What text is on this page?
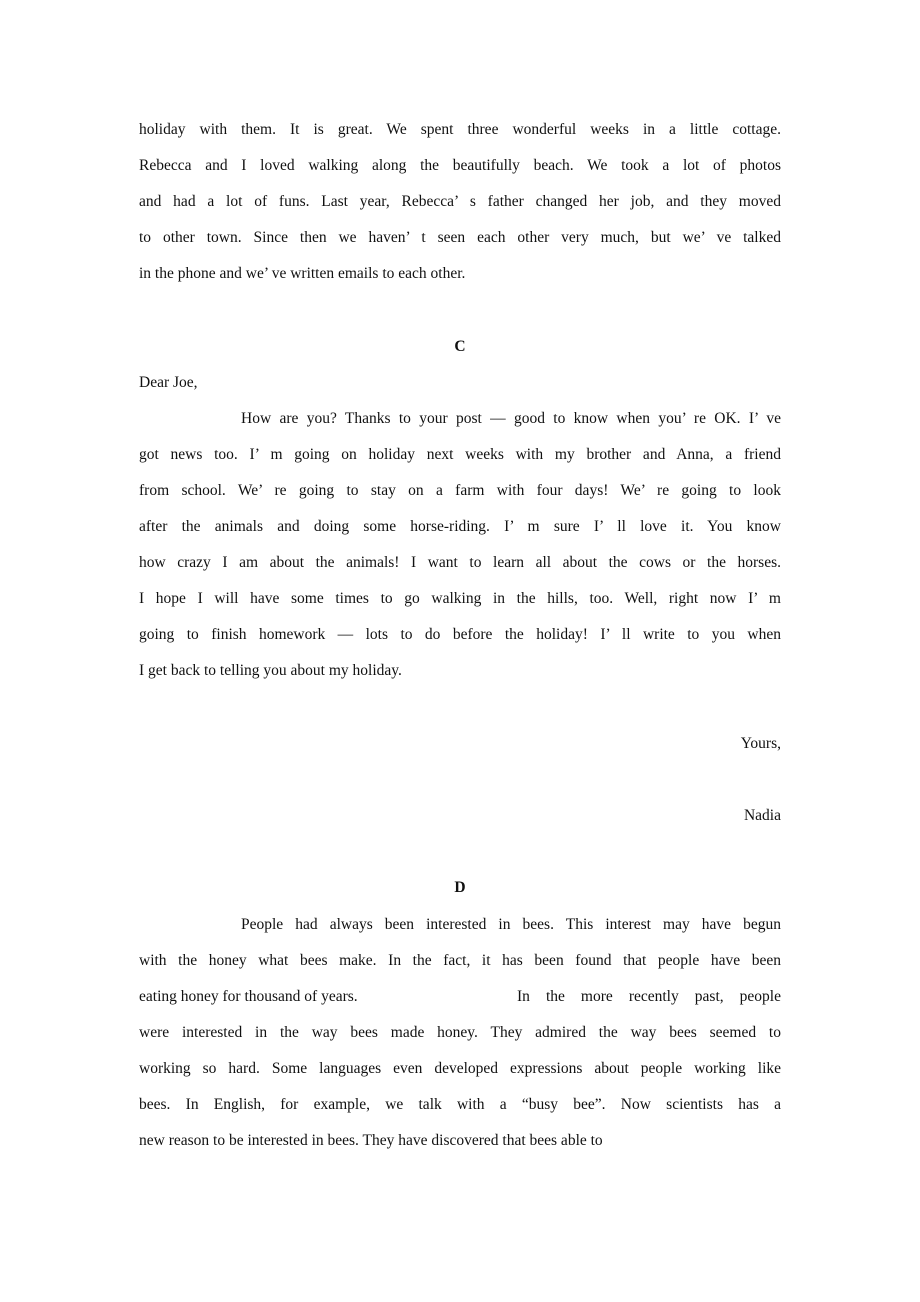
holiday with them. It is great. We spent three wonderful weeks in a little cottage.
Rebecca and I loved walking along the beautifully beach. We took a lot of photos
and had a lot of funs. Last year, Rebecca’ s father changed her job, and they moved
to other town. Since then we haven’ t seen each other very much, but we’ ve talked
in the phone and we’ ve written emails to each other.
C
Dear Joe,
How are you? Thanks to your post — good to know when you’ re OK. I’ ve
got news too. I’ m going on holiday next weeks with my brother and Anna, a friend
from school. We’ re going to stay on a farm with four days! We’ re going to look
after the animals and doing some horse-riding. I’ m sure I’ ll love it. You know
how crazy I am about the animals! I want to learn all about the cows or the horses.
I hope I will have some times to go walking in the hills, too. Well, right now I’ m
going to finish homework — lots to do before the holiday! I’ ll write to you when
I get back to telling you about my holiday.
Yours,
Nadia
D
People had always been interested in bees. This interest may have begun
with the honey what bees make. In the fact, it has been found that people have been
eating honey for thousand of years.	In the more recently past, people
were interested in the way bees made honey. They admired the way bees seemed to
working so hard. Some languages even developed expressions about people working like
bees. In English, for example, we talk with a “busy bee”. Now scientists has a
new reason to be interested in bees. They have discovered that bees able to
